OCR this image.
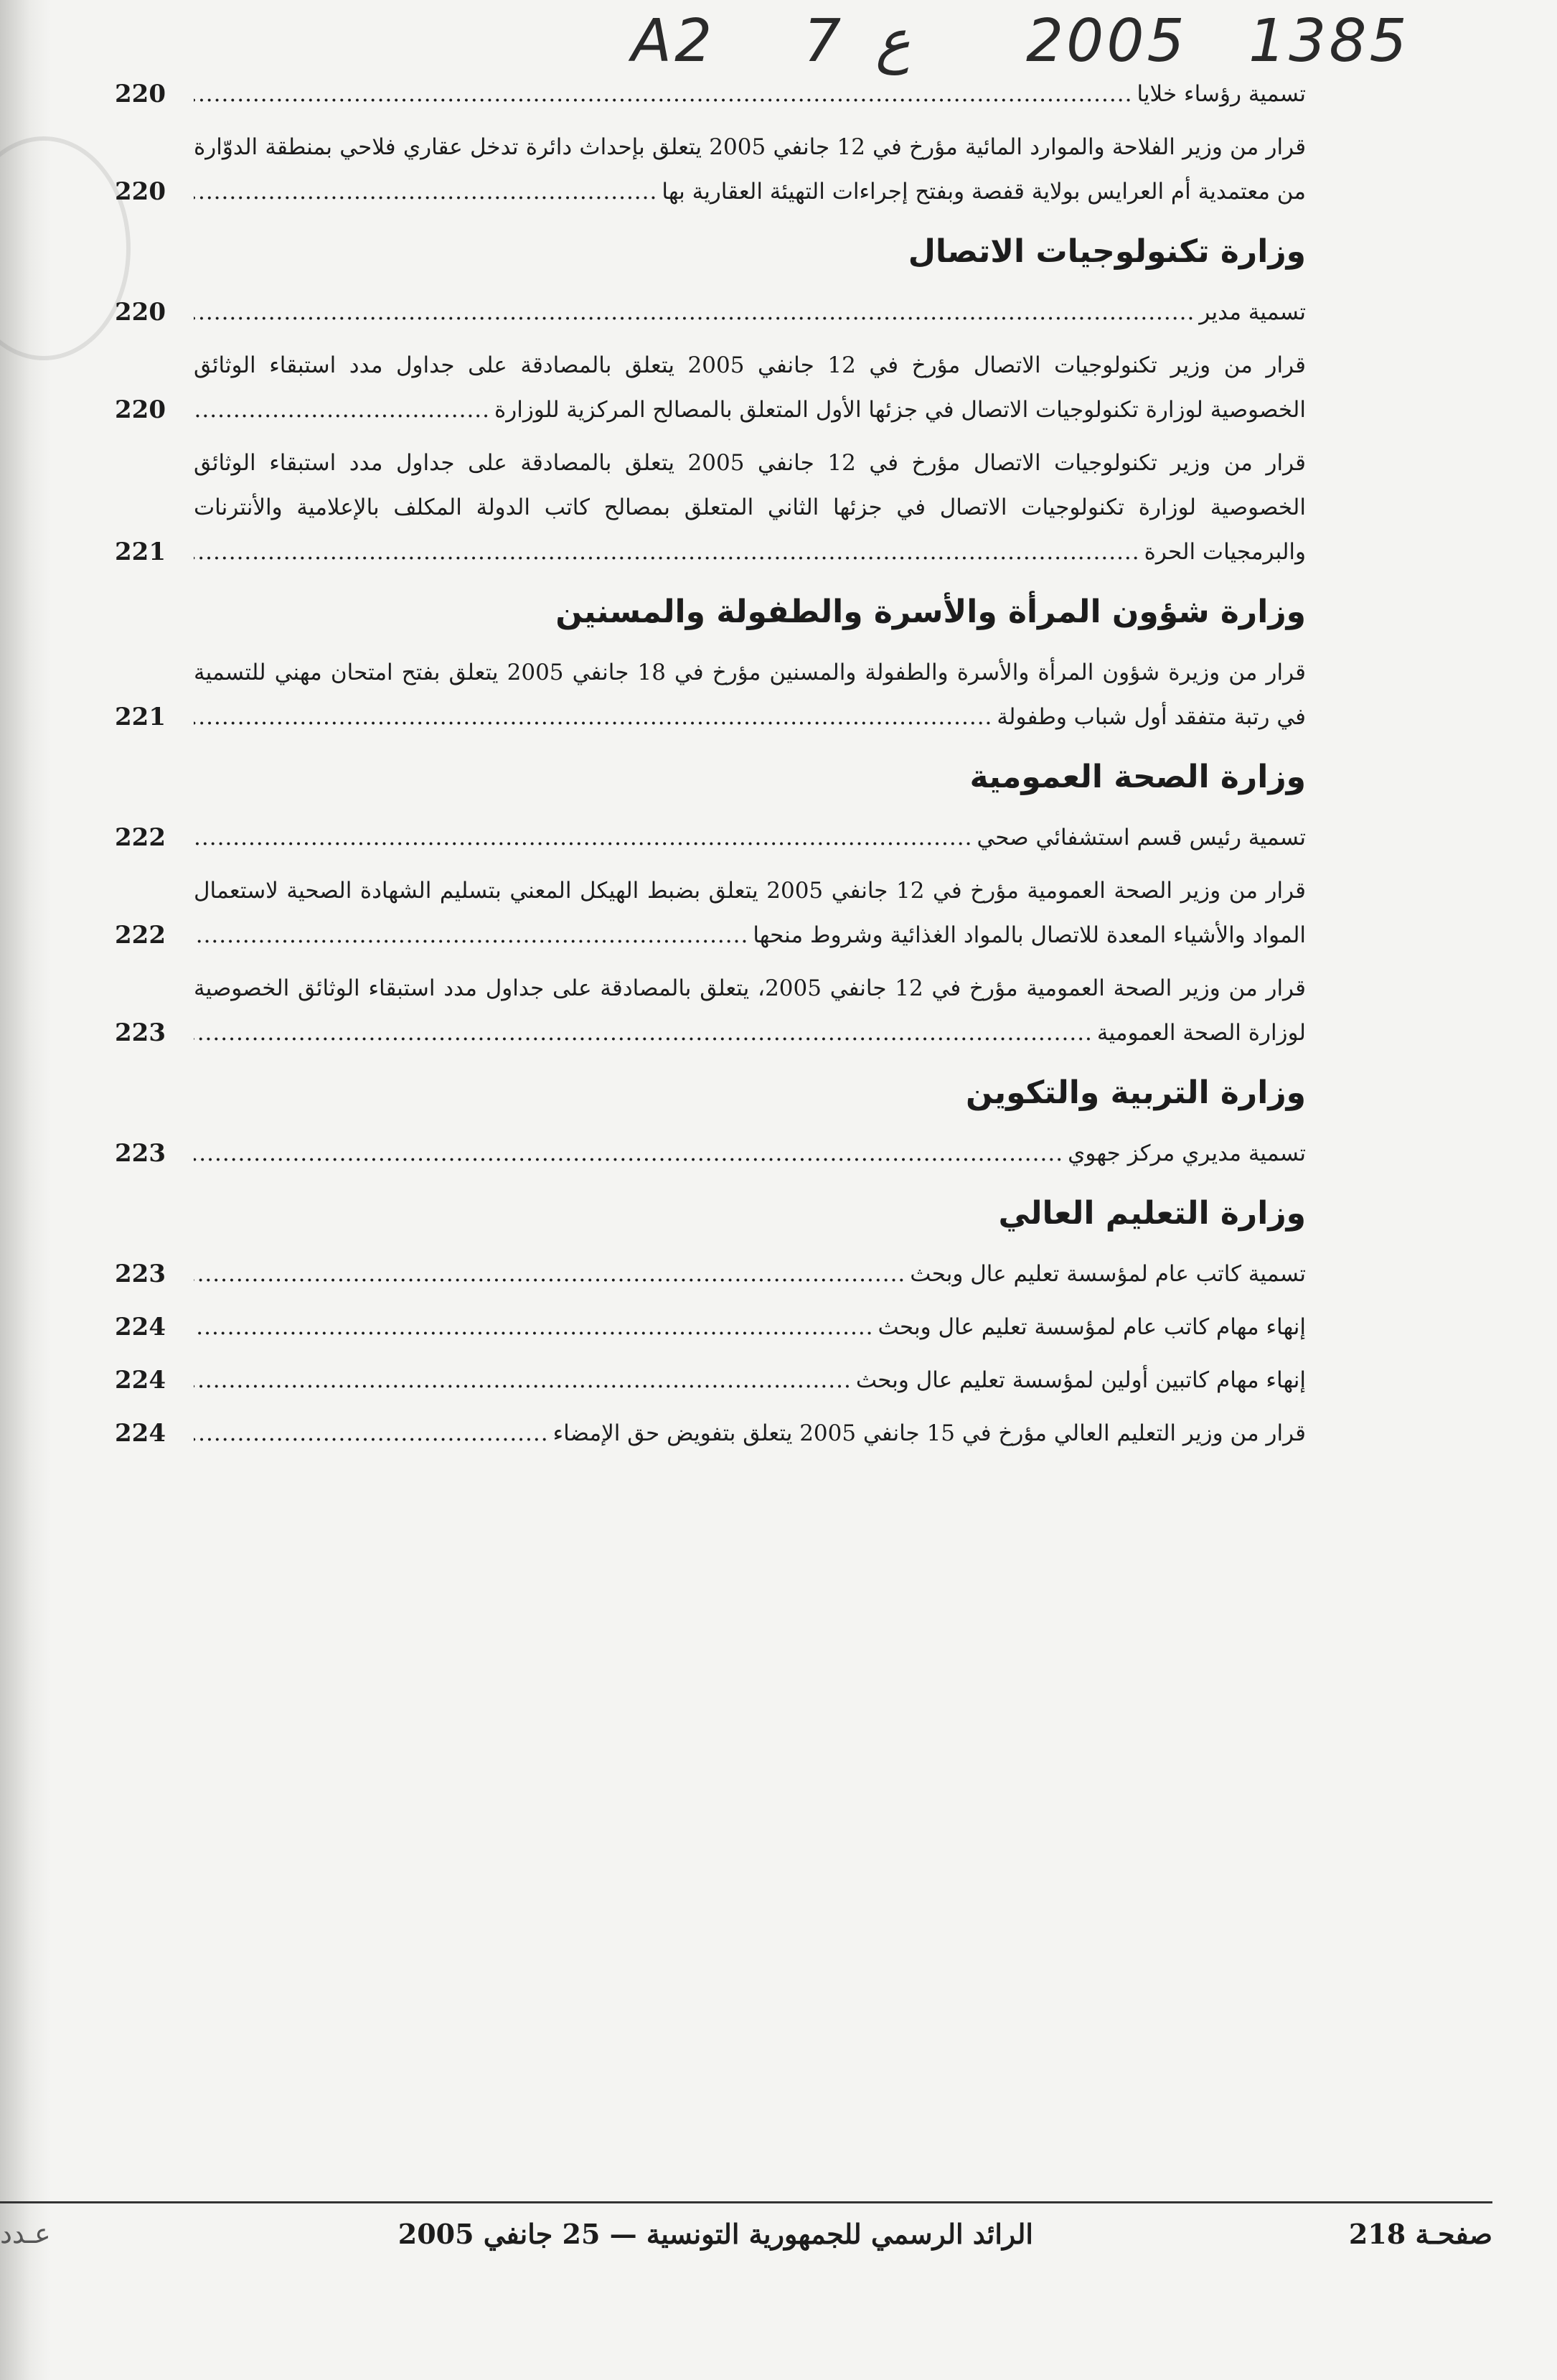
A2 7 ع 2005 1385
تسمية رؤساء خلايا .....
220
قرار من وزير الفلاحة والموارد المائية مؤرخ في 12 جانفي 2005 يتعلق بإحداث دائرة تدخل عقاري فلاحي بمنطقة الدوّارة من معتمدية أم العرايس بولاية قفصة وبفتح إجراءات التهيئة العقارية بها .....
220
وزارة تكنولوجيات الاتصال
تسمية مدير .....
220
قرار من وزير تكنولوجيات الاتصال مؤرخ في 12 جانفي 2005 يتعلق بالمصادقة على جداول مدد استبقاء الوثائق الخصوصية لوزارة تكنولوجيات الاتصال في جزئها الأول المتعلق بالمصالح المركزية للوزارة .....
220
قرار من وزير تكنولوجيات الاتصال مؤرخ في 12 جانفي 2005 يتعلق بالمصادقة على جداول مدد استبقاء الوثائق الخصوصية لوزارة تكنولوجيات الاتصال في جزئها الثاني المتعلق بمصالح كاتب الدولة المكلف بالإعلامية والأنترنات والبرمجيات الحرة .....
221
وزارة شؤون المرأة والأسرة والطفولة والمسنين
قرار من وزيرة شؤون المرأة والأسرة والطفولة والمسنين مؤرخ في 18 جانفي 2005 يتعلق بفتح امتحان مهني للتسمية في رتبة متفقد أول شباب وطفولة .....
221
وزارة الصحة العمومية
تسمية رئيس قسم استشفائي صحي .....
222
قرار من وزير الصحة العمومية مؤرخ في 12 جانفي 2005 يتعلق بضبط الهيكل المعني بتسليم الشهادة الصحية لاستعمال المواد والأشياء المعدة للاتصال بالمواد الغذائية وشروط منحها .....
222
قرار من وزير الصحة العمومية مؤرخ في 12 جانفي 2005، يتعلق بالمصادقة على جداول مدد استبقاء الوثائق الخصوصية لوزارة الصحة العمومية .....
223
وزارة التربية والتكوين
تسمية مديري مركز جهوي .....
223
وزارة التعليم العالي
تسمية كاتب عام لمؤسسة تعليم عال وبحث .....
223
إنهاء مهام كاتب عام لمؤسسة تعليم عال وبحث .....
224
إنهاء مهام كاتبين أولين لمؤسسة تعليم عال وبحث .....
224
قرار من وزير التعليم العالي مؤرخ في 15 جانفي 2005 يتعلق بتفويض حق الإمضاء .....
224
صفحـة 218
الرائد الرسمي للجمهورية التونسية — 25 جانفي 2005
عـدد
